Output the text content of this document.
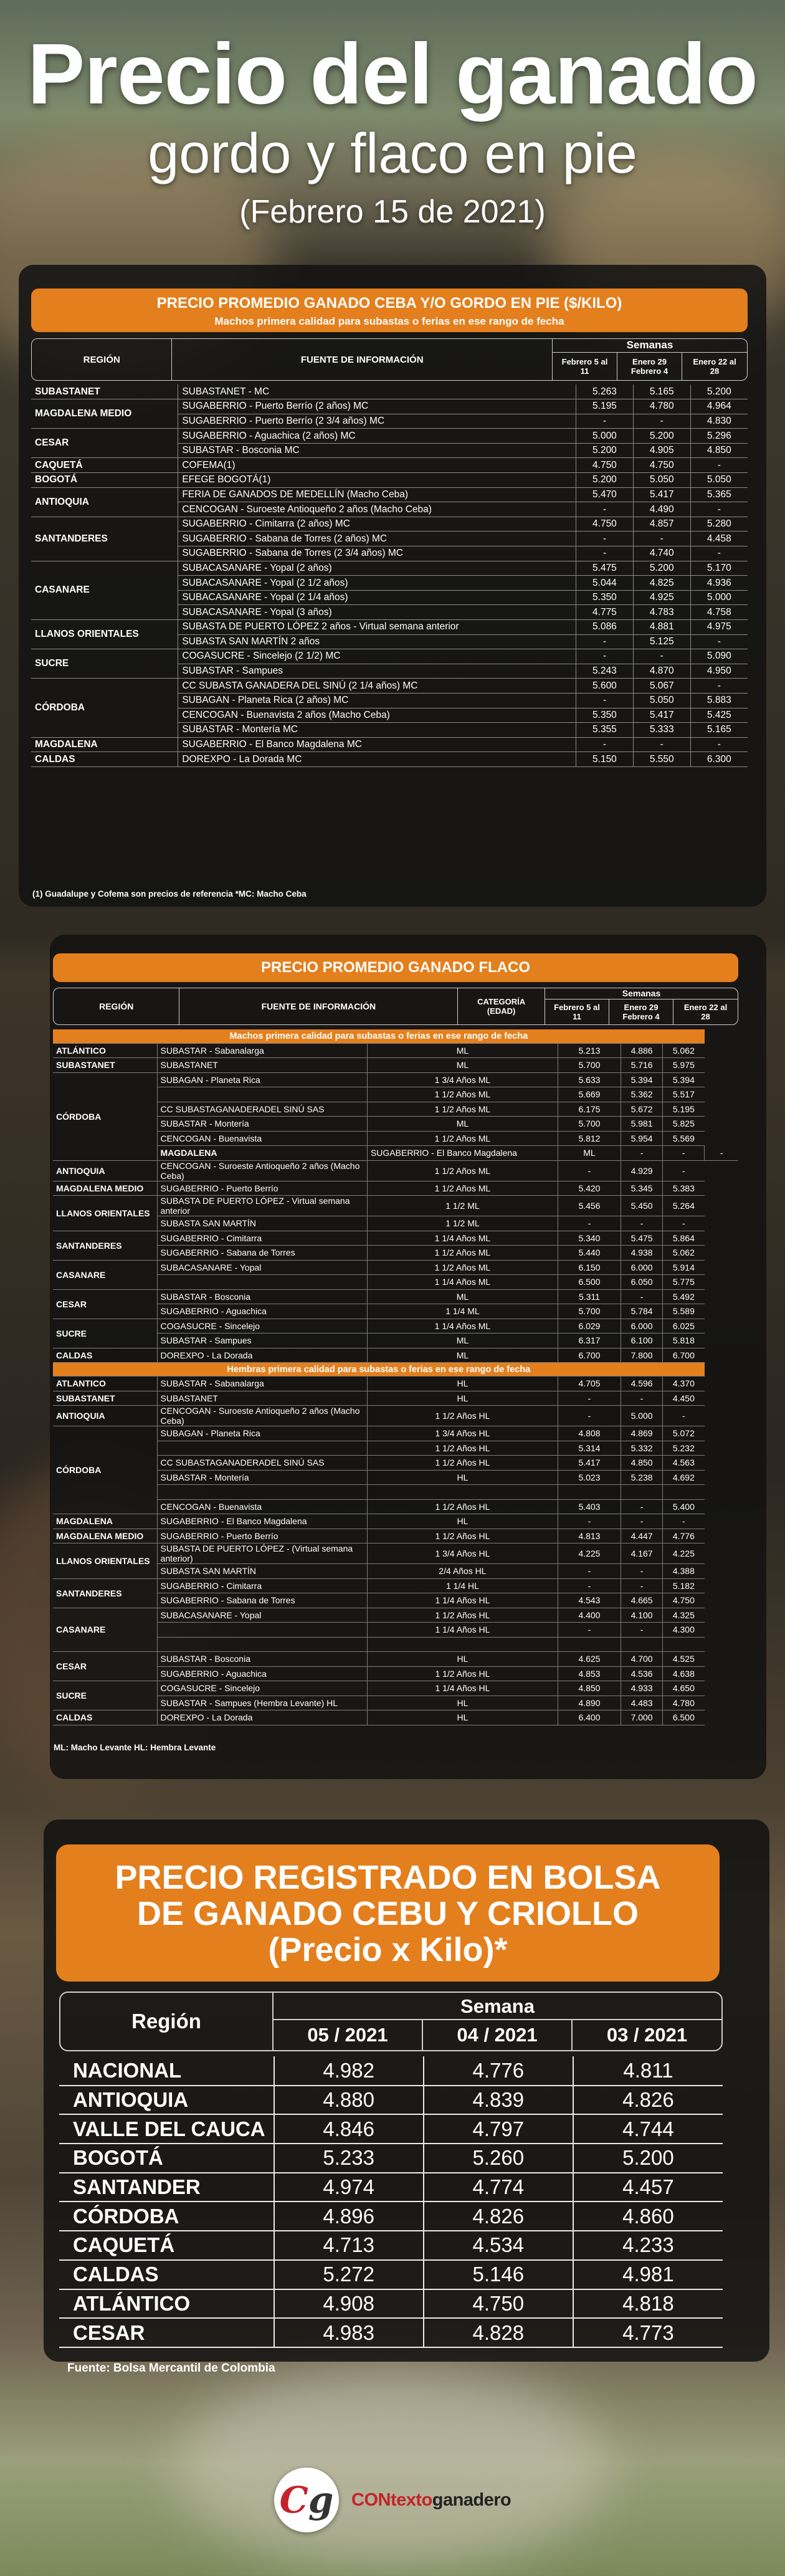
Precio del ganado
gordo y flaco en pie
(Febrero 15 de 2021)
PRECIO PROMEDIO GANADO CEBA Y/O GORDO EN PIE ($/KILO)
Machos primera calidad para subastas o ferias en ese rango de fecha
REGIÓN	FUENTE DE INFORMACIÓN
Semanas
Febrero 5 al 11
Enero 29 Febrero 4
Enero 22 al 28
SUBASTANET	SUBASTANET - MC	5.263	5.165	5.200
MAGDALENA MEDIO	SUGABERRIO - Puerto Berrío (2 años) MC	5.195	4.780	4.964
	SUGABERRIO - Puerto Berrío (2 3/4 años) MC	-	-	4.830
CESAR	SUGABERRIO - Aguachica (2 años) MC	5.000	5.200	5.296
	SUBASTAR - Bosconia MC	5.200	4.905	4.850
CAQUETÁ	COFEMA(1)	4.750	4.750	-
BOGOTÁ	EFEGE BOGOTÁ(1)	5.200	5.050	5.050
ANTIOQUIA	FERIA DE GANADOS DE MEDELLÍN (Macho Ceba)	5.470	5.417	5.365
	CENCOGAN - Suroeste Antioqueño 2 años (Macho Ceba)	-	4.490	-
SANTANDERES	SUGABERRIO - Cimitarra (2 años) MC	4.750	4.857	5.280
	SUGABERRIO - Sabana de Torres (2 años) MC	-	-	4.458
	SUGABERRIO - Sabana de Torres (2 3/4 años) MC	-	4.740	-
CASANARE	SUBACASANARE - Yopal (2 años)	5.475	5.200	5.170
	SUBACASANARE - Yopal (2 1/2 años)	5.044	4.825	4.936
	SUBACASANARE - Yopal (2 1/4 años)	5.350	4.925	5.000
	SUBACASANARE - Yopal (3 años)	4.775	4.783	4.758
LLANOS ORIENTALES	SUBASTA DE PUERTO LÓPEZ 2 años - Virtual semana anterior	5.086	4.881	4.975
	SUBASTA SAN MARTÍN 2 años	-	5.125	-
SUCRE	COGASUCRE - Sincelejo (2 1/2) MC	-	-	5.090
	SUBASTAR - Sampues	5.243	4.870	4.950
CÓRDOBA	CC SUBASTA GANADERA DEL SINÚ (2 1/4 años) MC	5.600	5.067	-
	SUBAGAN - Planeta Rica (2 años) MC	-	5.050	5.883
	CENCOGAN - Buenavista 2 años (Macho Ceba)	5.350	5.417	5.425
	SUBASTAR - Montería MC	5.355	5.333	5.165
MAGDALENA	SUGABERRIO - El Banco Magdalena MC	-	-	-
CALDAS	DOREXPO - La Dorada MC	5.150	5.550	6.300
(1) Guadalupe y Cofema son precios de referencia *MC: Macho Ceba
PRECIO PROMEDIO GANADO FLACO
REGIÓN	FUENTE DE INFORMACIÓN	CATEGORÍA (EDAD)
Semanas
Febrero 5 al 11
Enero 29 Febrero 4
Enero 22 al 28
Machos primera calidad para subastas o ferias en ese rango de fecha						
ATLÁNTICO	SUBASTAR - Sabanalarga	ML	5.213	4.886	5.062	
SUBASTANET	SUBASTANET	ML	5.700	5.716	5.975	
CÓRDOBA	SUBAGAN - Planeta Rica	1 3/4 Años ML	5.633	5.394	5.394	
		1 1/2 Años ML	5.669	5.362	5.517	
	CC SUBASTAGANADERADEL SINÚ SAS	1 1/2 Años ML	6.175	5.672	5.195	
	SUBASTAR - Montería	ML	5.700	5.981	5.825	
	CENCOGAN - Buenavista	1 1/2 Años ML	5.812	5.954	5.569	
	MAGDALENA	SUGABERRIO - El Banco Magdalena	ML	-	-	-
ANTIOQUIA	CENCOGAN - Suroeste Antioqueño 2 años (Macho Ceba)	1 1/2 Años ML	-	4.929	-	
MAGDALENA MEDIO	SUGABERRIO - Puerto Berrío	1 1/2 Años ML	5.420	5.345	5.383	
LLANOS ORIENTALES	SUBASTA DE PUERTO LÓPEZ - Virtual semana anterior	1 1/2 ML	5.456	5.450	5.264	
	SUBASTA SAN MARTÍN	1 1/2 ML	-	-	-	
SANTANDERES	SUGABERRIO - Cimitarra	1 1/4 Años ML	5.340	5.475	5.864	
	SUGABERRIO - Sabana de Torres	1 1/2 Años ML	5.440	4.938	5.062	
CASANARE	SUBACASANARE - Yopal	1 1/2 Años ML	6.150	6.000	5.914	
		1 1/4 Años ML	6.500	6.050	5.775	
CESAR	SUBASTAR - Bosconia	ML	5.311	-	5.492	
	SUGABERRIO - Aguachica	1 1/4 ML	5.700	5.784	5.589	
SUCRE	COGASUCRE - Sincelejo	1 1/4 Años ML	6.029	6.000	6.025	
	SUBASTAR - Sampues	ML	6.317	6.100	5.818	
CALDAS	DOREXPO - La Dorada	ML	6.700	7.800	6.700	
Hembras primera calidad para subastas o ferias en ese rango de fecha						
ATLANTICO	SUBASTAR - Sabanalarga	HL	4.705	4.596	4.370	
SUBASTANET	SUBASTANET	HL	-	-	4.450	
ANTIOQUIA	CENCOGAN - Suroeste Antioqueño 2 años (Macho Ceba)	1 1/2 Años HL	-	5.000	-	
CÓRDOBA	SUBAGAN - Planeta Rica	1 3/4 Años HL	4.808	4.869	5.072	
		1 1/2 Años HL	5.314	5.332	5.232	
	CC SUBASTAGANADERADEL SINÚ SAS	1 1/2 Años HL	5.417	4.850	4.563	
	SUBASTAR - Montería	HL	5.023	5.238	4.692	

	CENCOGAN - Buenavista	1 1/2 Años HL	5.403	-	5.400	
MAGDALENA	SUGABERRIO - El Banco Magdalena	HL	-	-	-	
MAGDALENA MEDIO	SUGABERRIO - Puerto Berrío	1 1/2 Años HL	4.813	4.447	4.776	
LLANOS ORIENTALES	SUBASTA DE PUERTO LÓPEZ - (Virtual semana anterior)	1 3/4 Años HL	4.225	4.167	4.225	
	SUBASTA SAN MARTÍN	2/4 Años HL	-	-	4.388	
SANTANDERES	SUGABERRIO - Cimitarra	1 1/4 HL	-	-	5.182	
	SUGABERRIO - Sabana de Torres	1 1/4 Años HL	4.543	4.665	4.750	
CASANARE	SUBACASANARE - Yopal	1 1/2 Años HL	4.400	4.100	4.325	
		1 1/4 Años HL	-	-	4.300	

CESAR	SUBASTAR - Bosconia	HL	4.625	4.700	4.525	
	SUGABERRIO - Aguachica	1 1/2 Años HL	4.853	4.536	4.638	
SUCRE	COGASUCRE - Sincelejo	1 1/4 Años HL	4.850	4.933	4.650	
	SUBASTAR - Sampues (Hembra Levante) HL	HL	4.890	4.483	4.780	
CALDAS	DOREXPO - La Dorada	HL	6.400	7.000	6.500	
ML: Macho Levante HL: Hembra Levante
PRECIO REGISTRADO EN BOLSA DE GANADO CEBU Y CRIOLLO (Precio x Kilo)*
Región
Semana
05 / 2021	04 / 2021	03 / 2021
NACIONAL	4.982	4.776	4.811
ANTIOQUIA	4.880	4.839	4.826
VALLE DEL CAUCA	4.846	4.797	4.744
BOGOTÁ	5.233	5.260	5.200
SANTANDER	4.974	4.774	4.457
CÓRDOBA	4.896	4.826	4.860
CAQUETÁ	4.713	4.534	4.233
CALDAS	5.272	5.146	4.981
ATLÁNTICO	4.908	4.750	4.818
CESAR	4.983	4.828	4.773
Fuente: Bolsa Mercantil de Colombia
C g CONtextoganadero
